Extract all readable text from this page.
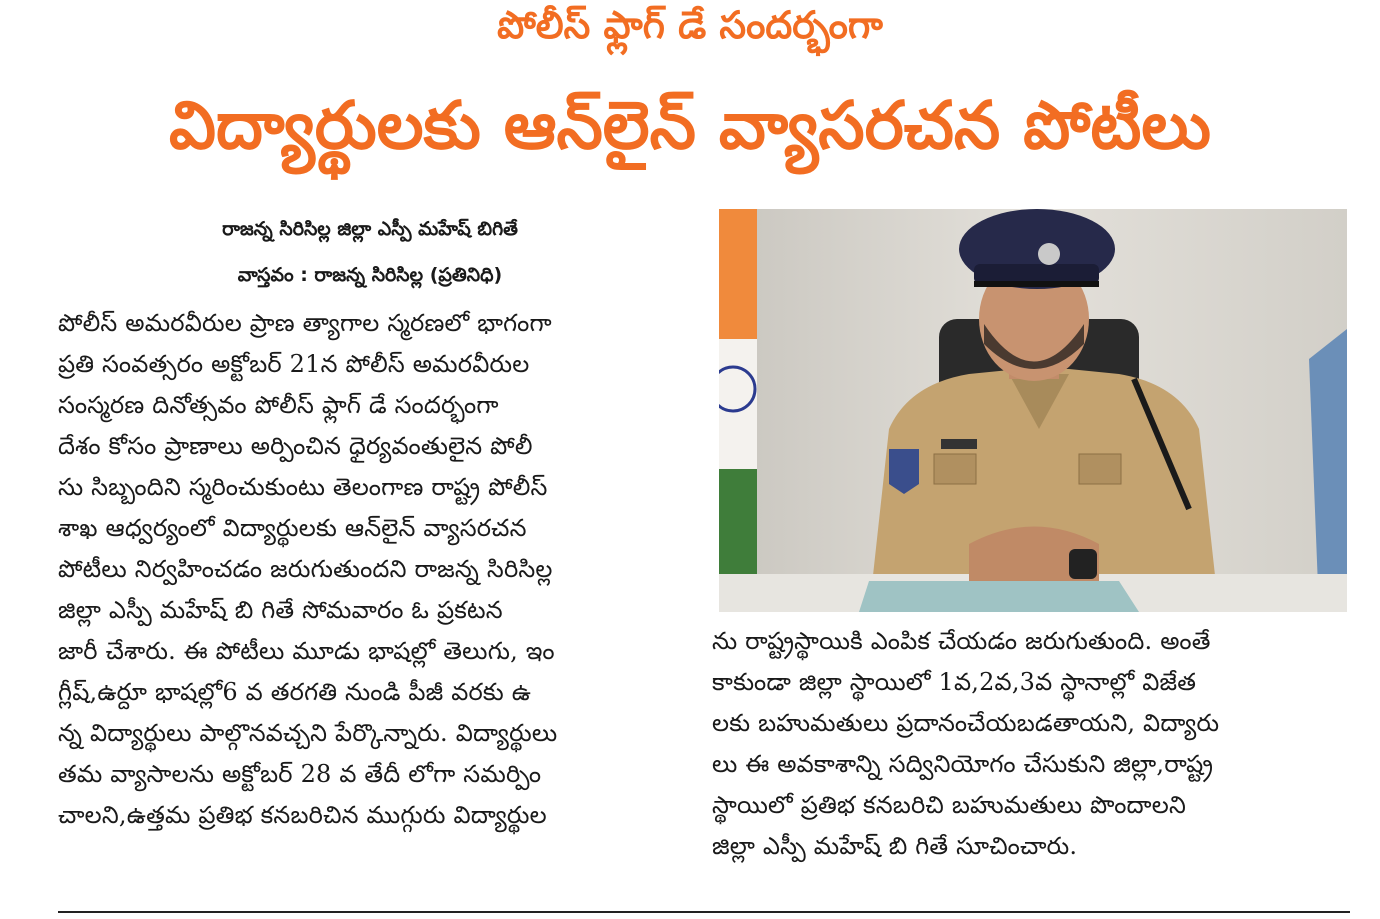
పోలీస్ ఫ్లాగ్ డే సందర్భంగా
విద్యార్థులకు ఆన్‌లైన్ వ్యాసరచన పోటీలు
రాజన్న సిరిసిల్ల జిల్లా ఎస్పీ మహేష్ బిగితే
వాస్తవం : రాజన్న సిరిసిల్ల (ప్రతినిధి)
పోలీస్ అమరవీరుల ప్రాణ త్యాగాల స్మరణలో భాగంగా
ప్రతి సంవత్సరం అక్టోబర్ 21న పోలీస్ అమరవీరుల
సంస్మరణ దినోత్సవం పోలీస్ ఫ్లాగ్ డే సందర్భంగా
దేశం కోసం ప్రాణాలు అర్పించిన ధైర్యవంతులైన పోలీ
సు సిబ్బందిని స్మరించుకుంటు తెలంగాణ రాష్ట్ర పోలీస్
శాఖ ఆధ్వర్యంలో విద్యార్థులకు ఆన్‌లైన్ వ్యాసరచన
పోటీలు నిర్వహించడం జరుగుతుందని రాజన్న సిరిసిల్ల
జిల్లా ఎస్పీ మహేష్ బి గితే సోమవారం ఓ ప్రకటన
జారీ చేశారు. ఈ పోటీలు మూడు భాషల్లో తెలుగు, ఇం
గ్లీష్,ఉర్దూ భాషల్లో6 వ తరగతి నుండి పీజీ వరకు ఉ
న్న విద్యార్థులు పాల్గొనవచ్చని పేర్కొన్నారు. విద్యార్థులు
తమ వ్యాసాలను అక్టోబర్ 28 వ తేదీ లోగా సమర్పిం
చాలని,ఉత్తమ ప్రతిభ కనబరిచిన ముగ్గురు విద్యార్థుల
ను రాష్ట్రస్థాయికి ఎంపిక చేయడం జరుగుతుంది. అంతే
కాకుండా జిల్లా స్థాయిలో 1వ,2వ,3వ స్థానాల్లో విజేత
లకు బహుమతులు ప్రదానంచేయబడతాయని, విద్యారు
లు ఈ అవకాశాన్ని సద్వినియోగం చేసుకుని జిల్లా,రాష్ట్ర
స్థాయిలో ప్రతిభ కనబరిచి బహుమతులు పొందాలని
జిల్లా ఎస్పీ మహేష్ బి గితే సూచించారు.
